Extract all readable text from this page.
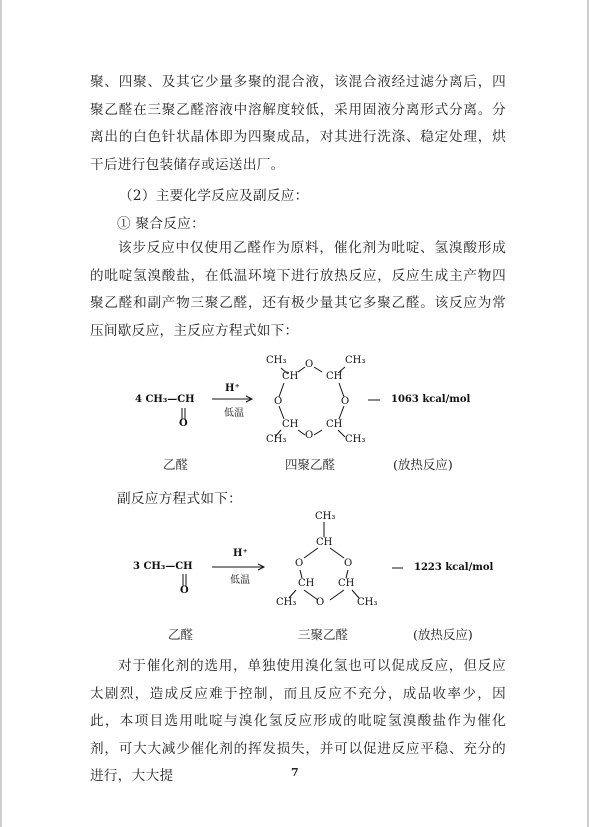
聚、四聚、及其它少量多聚的混合液，该混合液经过滤分离后，四聚乙醛在三聚乙醛溶液中溶解度较低，采用固液分离形式分离。分离出的白色针状晶体即为四聚成品，对其进行洗涤、稳定处理，烘干后进行包装储存或运送出厂。
（2）主要化学反应及副反应：
① 聚合反应：
该步反应中仅使用乙醛作为原料，催化剂为吡啶、氢溴酸形成的吡啶氢溴酸盐，在低温环境下进行放热反应，反应生成主产物四聚乙醛和副产物三聚乙醛，还有极少量其它多聚乙醛。该反应为常压间歇反应，主反应方程式如下：
4 CH₃—CH
O
H⁺
低温
CH₃ O	CH₃
CH	CH
O	O
CH	CH
CH₃ O	CH₃
1063 kcal/mol
乙醛	四聚乙醛	(放热反应)
副反应方程式如下：
3 CH₃—CH
O
H⁺
低温
CH₃
CH
O	O
CH CH
CH₃ O	CH₃
1223 kcal/mol
乙醛	三聚乙醛	(放热反应)
对于催化剂的选用，单独使用溴化氢也可以促成反应，但反应太剧烈，造成反应难于控制，而且反应不充分，成品收率少，因此，本项目选用吡啶与溴化氢反应形成的吡啶氢溴酸盐作为催化剂，可大大减少催化剂的挥发损失，并可以促进反应平稳、充分的进行，大大提	7
